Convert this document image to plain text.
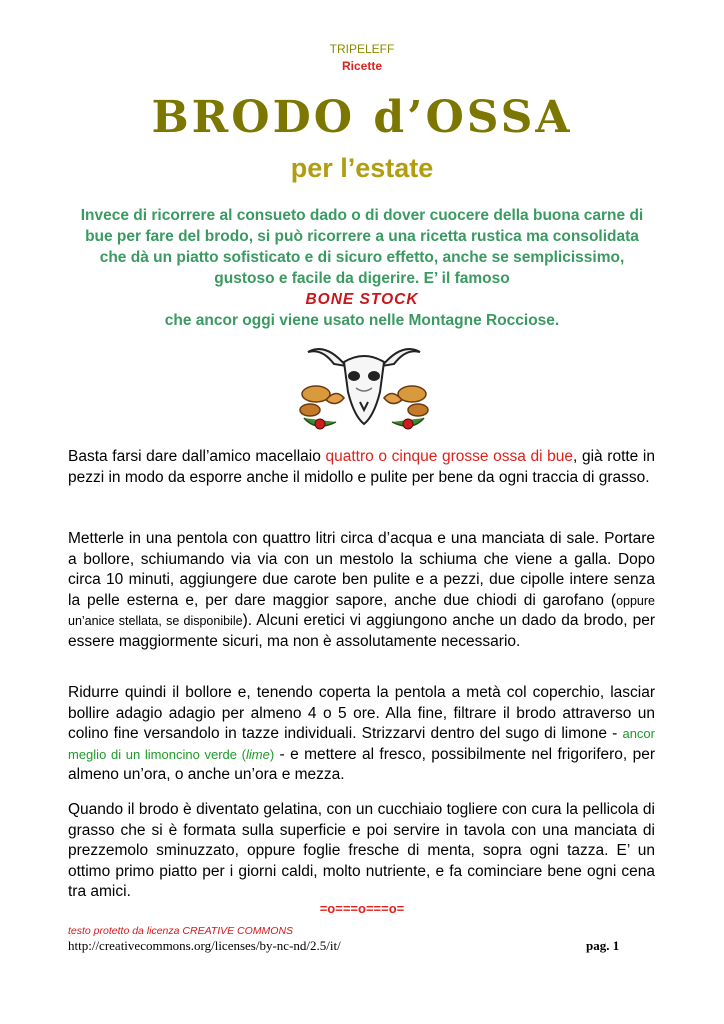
TRIPELEFF
Ricette
BRODO d’OSSA
per l’estate
Invece di ricorrere al consueto dado o di dover cuocere della buona carne di bue per fare del brodo, si può ricorrere a una ricetta rustica ma consolidata che dà un piatto sofisticato e di sicuro effetto, anche se semplicissimo, gustoso e facile da digerire. E’ il famoso
BONE STOCK
che ancor oggi viene usato nelle Montagne Rocciose.
Basta farsi dare dall’amico macellaio quattro o cinque grosse ossa di bue, già rotte in pezzi in modo da esporre anche il midollo e pulite per bene da ogni traccia di grasso.
Metterle in una pentola con quattro litri circa d’acqua e una manciata di sale. Portare a bollore, schiumando via via con un mestolo la schiuma che viene a galla. Dopo circa 10 minuti, aggiungere due carote ben pulite e a pezzi, due cipolle intere senza la pelle esterna e, per dare maggior sapore, anche due chiodi di garofano (oppure un’anice stellata, se disponibile). Alcuni eretici vi aggiungono anche un dado da brodo, per essere maggiormente sicuri, ma non è assolutamente necessario.
Ridurre quindi il bollore e, tenendo coperta la pentola a metà col coperchio, lasciar bollire adagio adagio per almeno 4 o 5 ore. Alla fine, filtrare il brodo attraverso un colino fine versandolo in tazze individuali. Strizzarvi dentro del sugo di limone - ancor meglio di un limoncino verde (lime) - e mettere al fresco, possibilmente nel frigorifero, per almeno un’ora, o anche un’ora e mezza.
Quando il brodo è diventato gelatina, con un cucchiaio togliere con cura la pellicola di grasso che si è formata sulla superficie e poi servire in tavola con una manciata di prezzemolo sminuzzato, oppure foglie fresche di menta, sopra ogni tazza. E’ un ottimo primo piatto per i giorni caldi, molto nutriente, e fa cominciare bene ogni cena tra amici.
=o===o===o=
testo protetto da licenza CREATIVE COMMONS
http://creativecommons.org/licenses/by-nc-nd/2.5/it/	pag. 1
